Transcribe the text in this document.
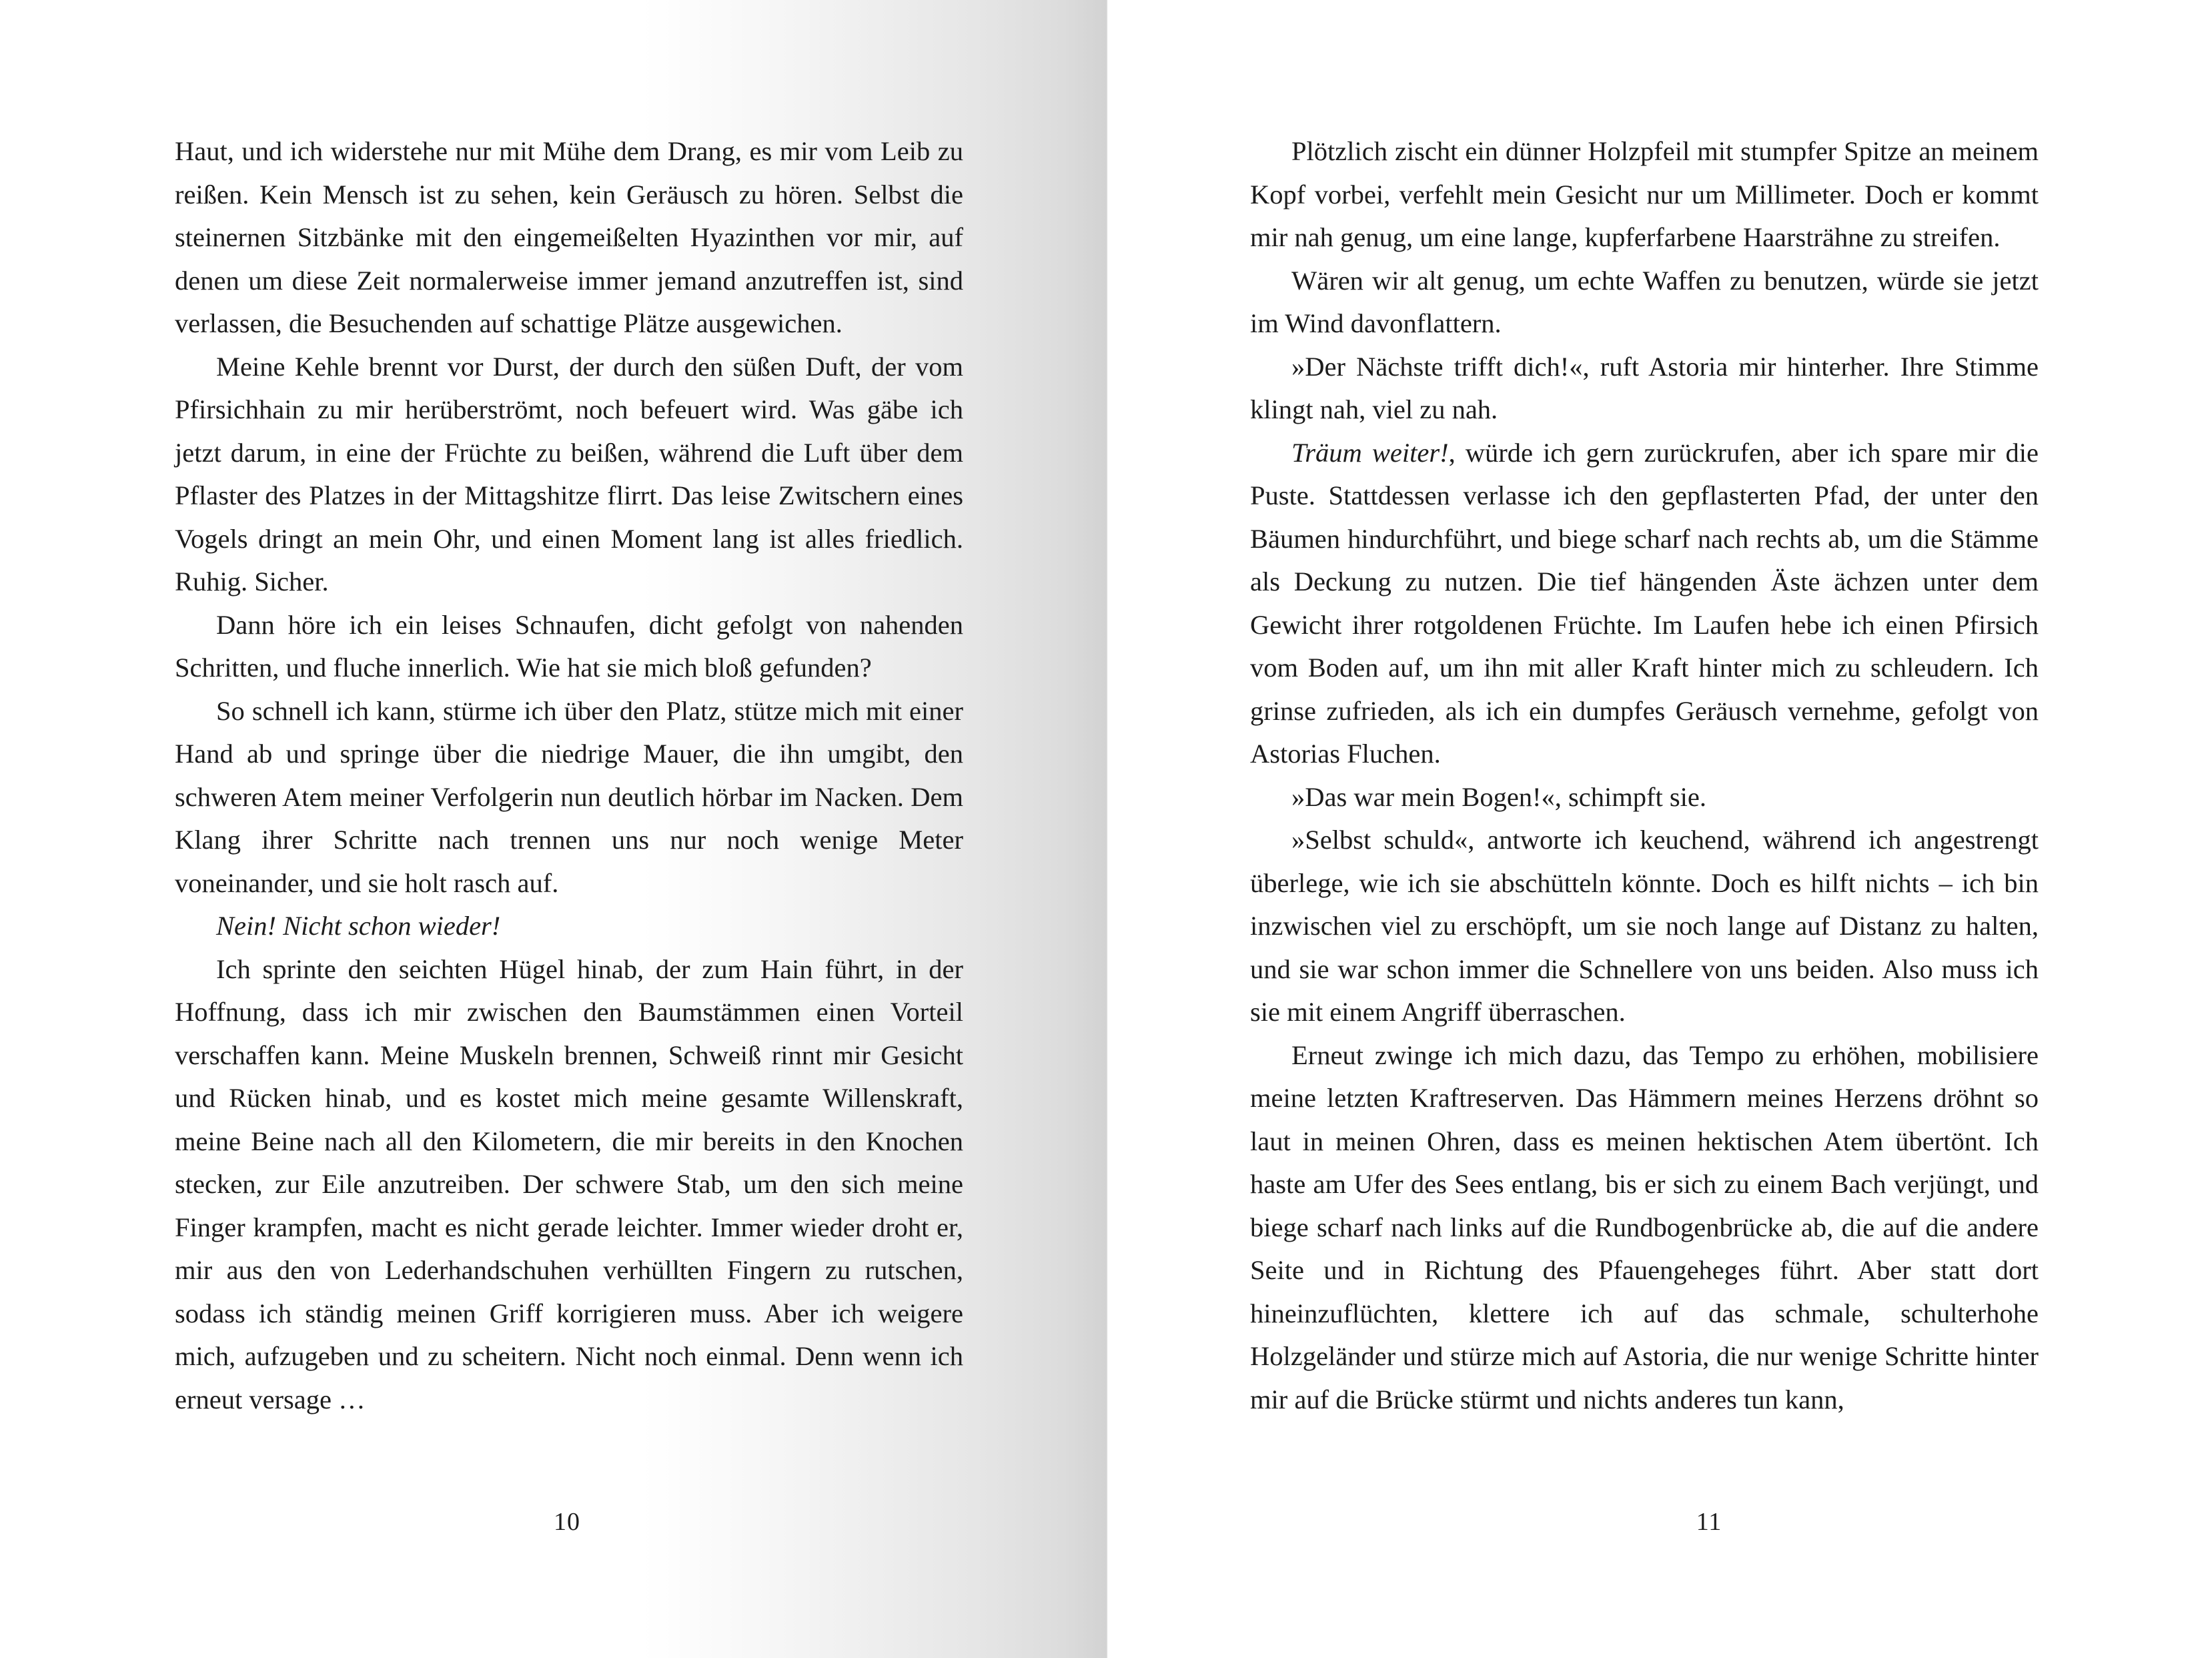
Haut, und ich widerstehe nur mit Mühe dem Drang, es mir vom Leib zu reißen. Kein Mensch ist zu sehen, kein Geräusch zu hören. Selbst die steinernen Sitzbänke mit den eingemeißelten Hyazinthen vor mir, auf denen um diese Zeit normalerweise immer jemand anzutreffen ist, sind verlassen, die Besuchenden auf schattige Plätze ausgewichen.

Meine Kehle brennt vor Durst, der durch den süßen Duft, der vom Pfirsichhain zu mir herüberströmt, noch befeuert wird. Was gäbe ich jetzt darum, in eine der Früchte zu beißen, während die Luft über dem Pflaster des Platzes in der Mittagshitze flirrt. Das leise Zwitschern eines Vogels dringt an mein Ohr, und einen Moment lang ist alles friedlich. Ruhig. Sicher.

Dann höre ich ein leises Schnaufen, dicht gefolgt von nahenden Schritten, und fluche innerlich. Wie hat sie mich bloß gefunden?

So schnell ich kann, stürme ich über den Platz, stütze mich mit einer Hand ab und springe über die niedrige Mauer, die ihn umgibt, den schweren Atem meiner Verfolgerin nun deutlich hörbar im Nacken. Dem Klang ihrer Schritte nach trennen uns nur noch wenige Meter voneinander, und sie holt rasch auf.

Nein! Nicht schon wieder!

Ich sprinte den seichten Hügel hinab, der zum Hain führt, in der Hoffnung, dass ich mir zwischen den Baumstämmen einen Vorteil verschaffen kann. Meine Muskeln brennen, Schweiß rinnt mir Gesicht und Rücken hinab, und es kostet mich meine gesamte Willenskraft, meine Beine nach all den Kilometern, die mir bereits in den Knochen stecken, zur Eile anzutreiben. Der schwere Stab, um den sich meine Finger krampfen, macht es nicht gerade leichter. Immer wieder droht er, mir aus den von Lederhandschuhen verhüllten Fingern zu rutschen, sodass ich ständig meinen Griff korrigieren muss. Aber ich weigere mich, aufzugeben und zu scheitern. Nicht noch einmal. Denn wenn ich erneut versage …

10

Plötzlich zischt ein dünner Holzpfeil mit stumpfer Spitze an meinem Kopf vorbei, verfehlt mein Gesicht nur um Millimeter. Doch er kommt mir nah genug, um eine lange, kupferfarbene Haarsträhne zu streifen.

Wären wir alt genug, um echte Waffen zu benutzen, würde sie jetzt im Wind davonflattern.

»Der Nächste trifft dich!«, ruft Astoria mir hinterher. Ihre Stimme klingt nah, viel zu nah.

Träum weiter!, würde ich gern zurückrufen, aber ich spare mir die Puste. Stattdessen verlasse ich den gepflasterten Pfad, der unter den Bäumen hindurchführt, und biege scharf nach rechts ab, um die Stämme als Deckung zu nutzen. Die tief hängenden Äste ächzen unter dem Gewicht ihrer rotgoldenen Früchte. Im Laufen hebe ich einen Pfirsich vom Boden auf, um ihn mit aller Kraft hinter mich zu schleudern. Ich grinse zufrieden, als ich ein dumpfes Geräusch vernehme, gefolgt von Astorias Fluchen.

»Das war mein Bogen!«, schimpft sie.

»Selbst schuld«, antworte ich keuchend, während ich angestrengt überlege, wie ich sie abschütteln könnte. Doch es hilft nichts – ich bin inzwischen viel zu erschöpft, um sie noch lange auf Distanz zu halten, und sie war schon immer die Schnellere von uns beiden. Also muss ich sie mit einem Angriff überraschen.

Erneut zwinge ich mich dazu, das Tempo zu erhöhen, mobilisiere meine letzten Kraftreserven. Das Hämmern meines Herzens dröhnt so laut in meinen Ohren, dass es meinen hektischen Atem übertönt. Ich haste am Ufer des Sees entlang, bis er sich zu einem Bach verjüngt, und biege scharf nach links auf die Rundbogenbrücke ab, die auf die andere Seite und in Richtung des Pfauengeheges führt. Aber statt dort hineinzuflüchten, klettere ich auf das schmale, schulterhohe Holzgeländer und stürze mich auf Astoria, die nur wenige Schritte hinter mir auf die Brücke stürmt und nichts anderes tun kann,

11
